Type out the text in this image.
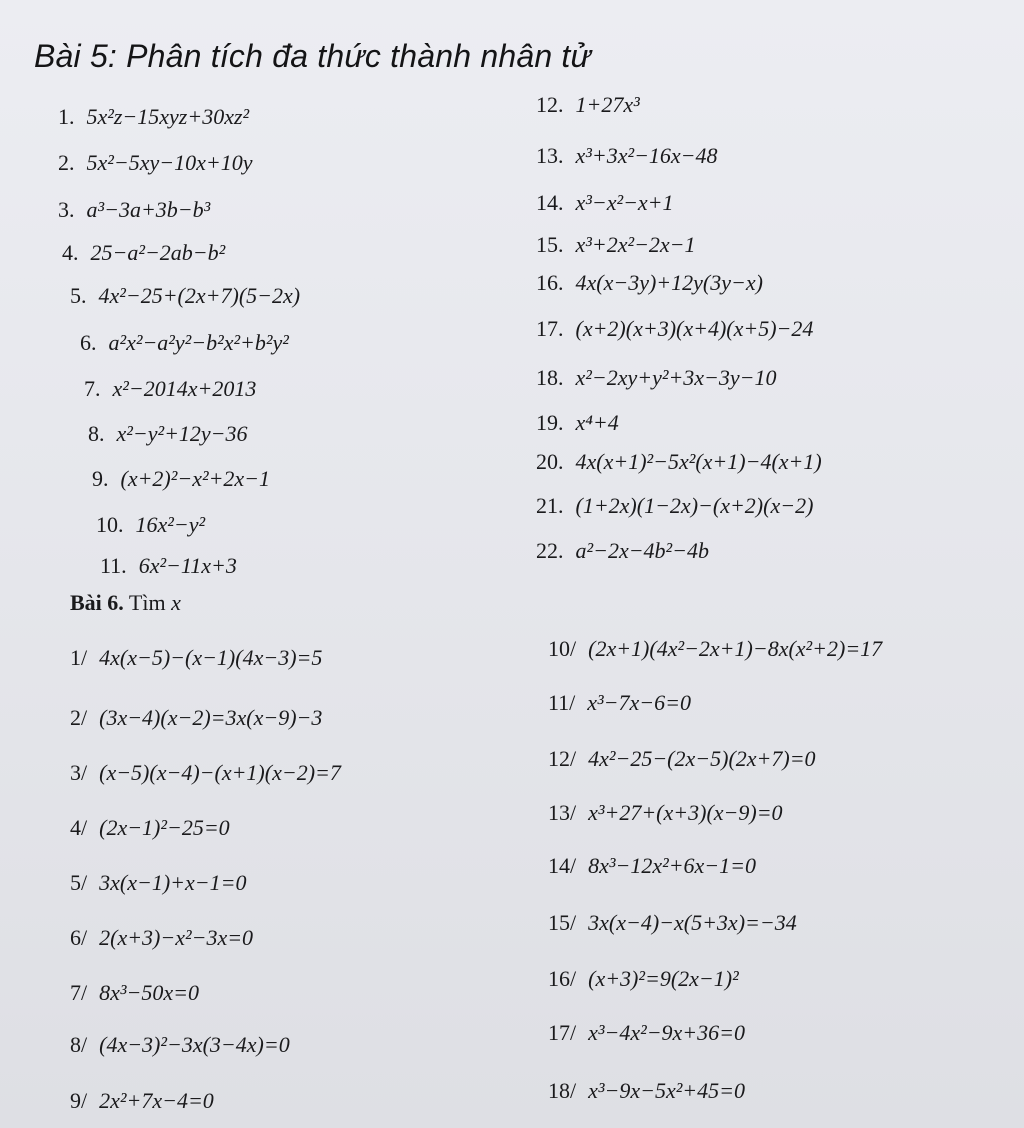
Bài 5: Phân tích đa thức thành nhân tử
1. 5x²z−15xyz+30xz²
2. 5x²−5xy−10x+10y
3. a³−3a+3b−b³
4. 25−a²−2ab−b²
5. 4x²−25+(2x+7)(5−2x)
6. a²x²−a²y²−b²x²+b²y²
7. x²−2014x+2013
8. x²−y²+12y−36
9. (x+2)²−x²+2x−1
10. 16x²−y²
11. 6x²−11x+3
12. 1+27x³
13. x³+3x²−16x−48
14. x³−x²−x+1
15. x³+2x²−2x−1
16. 4x(x−3y)+12y(3y−x)
17. (x+2)(x+3)(x+4)(x+5)−24
18. x²−2xy+y²+3x−3y−10
19. x⁴+4
20. 4x(x+1)²−5x²(x+1)−4(x+1)
21. (1+2x)(1−2x)−(x+2)(x−2)
22. a²−2x−4b²−4b
Bài 6. Tìm x
1/ 4x(x−5)−(x−1)(4x−3)=5
2/ (3x−4)(x−2)=3x(x−9)−3
3/ (x−5)(x−4)−(x+1)(x−2)=7
4/ (2x−1)²−25=0
5/ 3x(x−1)+x−1=0
6/ 2(x+3)−x²−3x=0
7/ 8x³−50x=0
8/ (4x−3)²−3x(3−4x)=0
9/ 2x²+7x−4=0
10/ (2x+1)(4x²−2x+1)−8x(x²+2)=17
11/ x³−7x−6=0
12/ 4x²−25−(2x−5)(2x+7)=0
13/ x³+27+(x+3)(x−9)=0
14/ 8x³−12x²+6x−1=0
15/ 3x(x−4)−x(5+3x)=−34
16/ (x+3)²=9(2x−1)²
17/ x³−4x²−9x+36=0
18/ x³−9x−5x²+45=0
